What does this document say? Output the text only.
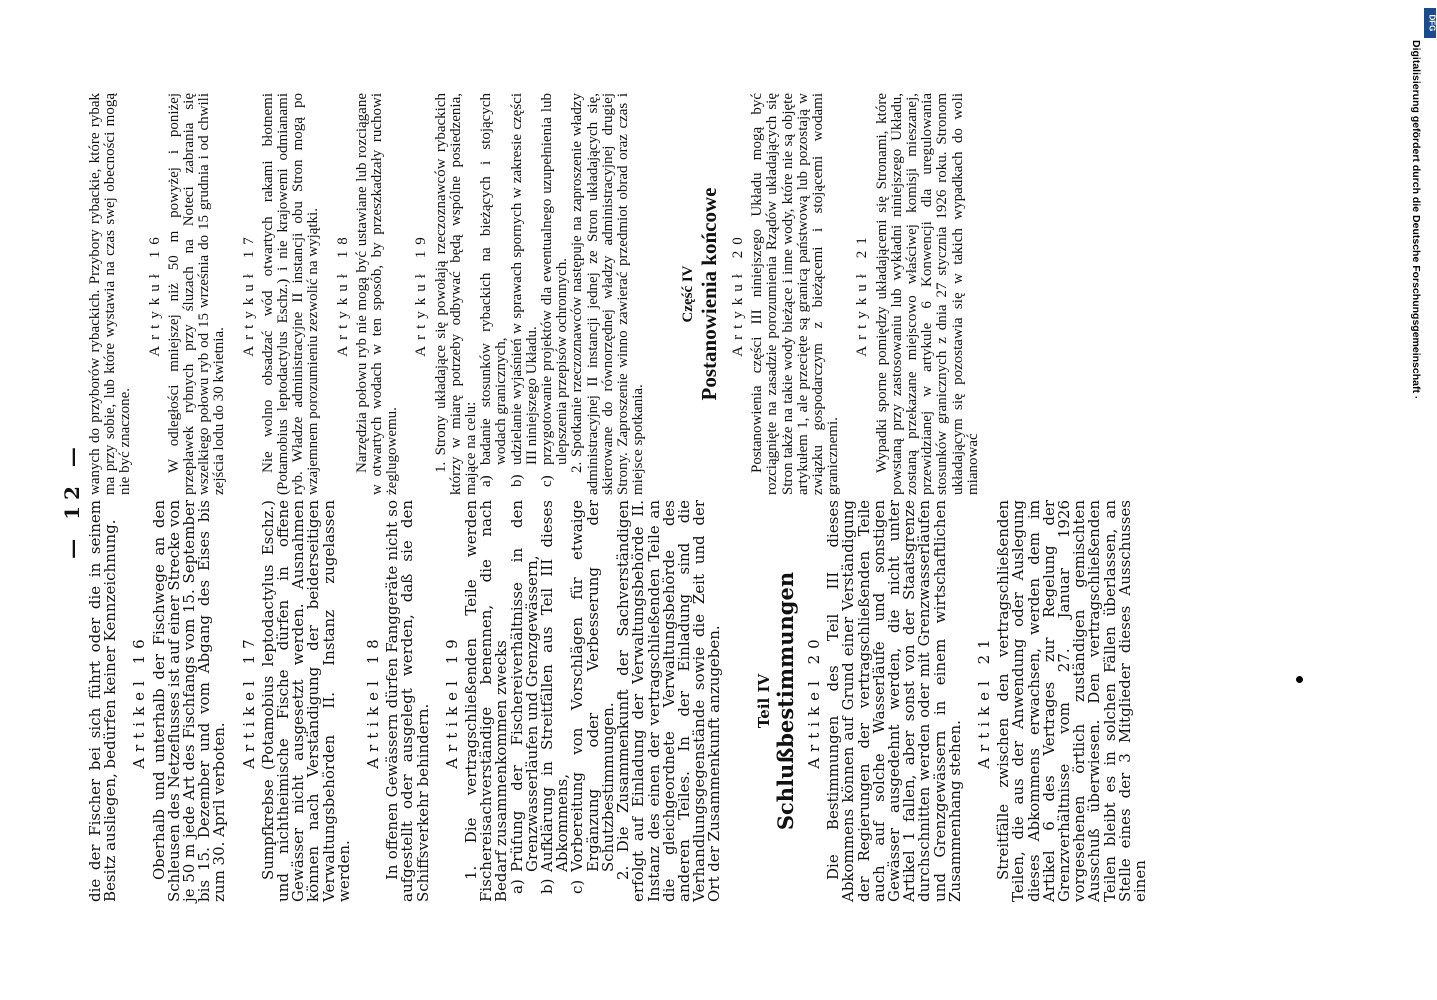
— 12 — die der Fischer bei sich führt oder die in seinem Besitz ausliegen, bedürfen keiner Kennzeichnung. Artikel 16 Oberhalb und unterhalb der Fischwege an den Schleusen des Netzeflusses ist auf einer Strecke von je 50 m jede Art des Fischfangs vom 15. September bis 15. Dezember und vom Abgang des Eises bis zum 30. April verboten.

Artikel 17 Sumpfkrebse (Potamobius leptodactylus Eschz.) und nichtheimische Fische dürfen in offene Gewässer nicht ausgesetzt werden. Ausnahmen können nach Verständigung der beiderseitigen Verwaltungsbehörden II. Instanz zugelassen werden.

Artikel 18 In offenen Gewässern dürfen Fanggeräte nicht so aufgestellt oder ausgelegt werden, daß sie den Schiffsverkehr behindern.

Artikel 19 1. Die vertragschließenden Teile werden Fischereisachverständige benennen, die nach Bedarf zusammenkommen zwecks

a)
Prüfung der Fischereiverhältnisse in den Grenzwasserläufen und Grenzgewässern,
b)
Aufklärung in Streitfällen aus Teil III dieses Abkommens,
c)
Vorbereitung von Vorschlägen für etwaige Ergänzung oder Verbesserung der Schutzbestimmungen.

2. Die Zusammenkunft der Sachverständigen erfolgt auf Einladung der Verwaltungsbehörde II. Instanz des einen der vertragschließenden Teile an die gleichgeordnete Verwaltungsbehörde des anderen Teiles. In der Einladung sind die Verhandlungsgegenstände sowie die Zeit und der Ort der Zusammenkunft anzugeben. Teil IV Schlußbestimmungen Artikel 20 Die Bestimmungen des Teil III dieses Abkommens können auf Grund einer Verständigung der Regierungen der vertragschließenden Teile auch auf solche Wasserläufe und sonstigen Gewässer ausgedehnt werden, die nicht unter Artikel 1 fallen, aber sonst von der Staatsgrenze durchschnitten werden oder mit Grenzwasserläufen und Grenzgewässern in einem wirtschaftlichen Zusammenhang stehen.

Artikel 21 Streitfälle zwischen den vertragschließenden Teilen, die aus der Anwendung oder Auslegung dieses Abkommens erwachsen, werden dem im Artikel 6 des Vertrages zur Regelung der Grenzverhältnisse vom 27. Januar 1926 vorgesehenen örtlich zuständigen gemischten Ausschuß überwiesen. Den vertragschließenden Teilen bleibt es in solchen Fällen überlassen, an Stelle eines der 3 Mitglieder dieses Ausschusses einen

wanych do przyborów rybackich. Przybory rybackie, które rybak ma przy sobie, lub które wystawia na czas swej obecności mogą nie być znaczone.

Artykuł 16 W odległości mniejszej niż 50 m powyżej i poniżej przepławek rybnych przy śluzach na Noteci zabrania się wszelkiego połowu ryb od 15 września do 15 grudnia i od chwili zejścia lodu do 30 kwietnia.

Artykuł 17 Nie wolno obsadzać wód otwartych rakami błotnemi (Potamobius leptodactylus Eschz.) i nie krajowemi odmianami ryb. Władze administracyjne II instancji obu Stron mogą po wzajemnem porozumieniu zezwolić na wyjątki. Artykuł 18 Narzędzia połowu ryb nie mogą być ustawiane lub rozciągane w otwartych wodach w ten sposób, by przeszkadzały ruchowi żeglugowemu.

Artykuł 19 1. Strony układające się powołają rzeczoznawców rybackich którzy w miarę potrzeby odbywać będą wspólne posiedzenia, mające na celu: a)
badanie stosunków rybackich na bieżących i stojących wodach granicznych,
b)
udzielanie wyjaśnień w sprawach spornych w zakresie części III niniejszego Układu.
c)
przygotowanie projektów dla ewentualnego uzupełnienia lub ulepszenia przepisów ochronnych. 2. Spotkanie rzeczoznawców następuje na zaproszenie władzy administracyjnej II instancji jednej ze Stron układających się, skierowane do równorzędnej władzy administracyjnej drugiej Strony. Zaproszenie winno zawierać przedmiot obrad oraz czas i miejsce spotkania.

Część IV Postanowienia końcowe Artykuł 20 Postanowienia części III niniejszego Układu mogą być rozciągnięte na zasadzie porozumienia Rządów układających się Stron także na takie wody bieżące i inne wody, które nie są objęte artykułem 1, ale przecięte są granicą państwową lub pozostają w związku gospodarczym z bieżącemi i stojącemi wodami granicznemi.

Artykuł 21 Wypadki sporne pomiędzy układającemi się Stronami, które powstaną przy zastosowaniu lub wykładni niniejszego Układu, zostaną przekazane miejscowo właściwej komisji mieszanej, przewidzianej w artykule 6 Konwencji dla uregulowania stosunków granicznych z dnia 27 stycznia 1926 roku. Stronom układającym się pozostawia się w takich wypadkach do woli mianować

Digitalisierung gefördert durch die Deutsche Forschungsgemeinschaft ·
DFG
